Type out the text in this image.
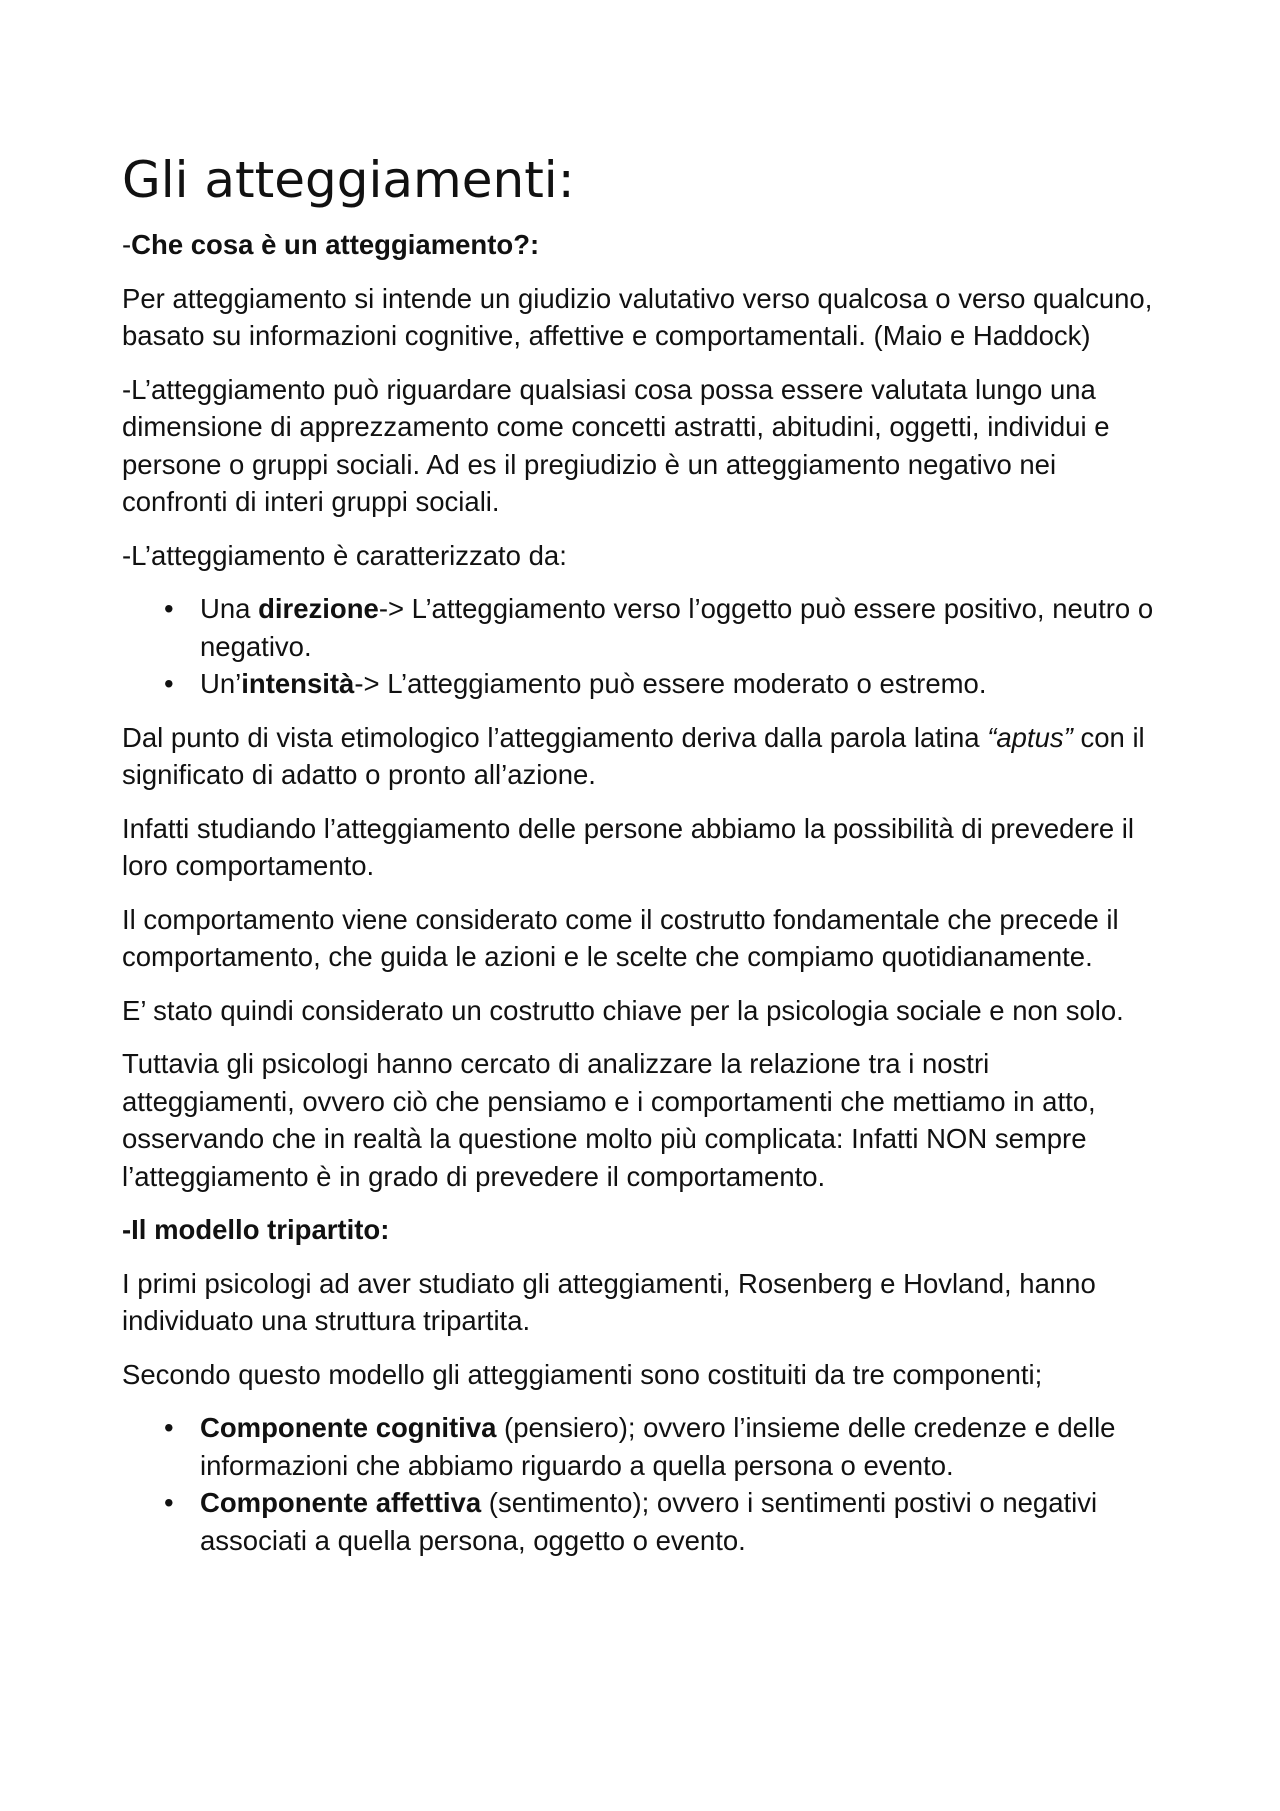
Gli atteggiamenti:

-Che cosa è un atteggiamento?:

Per atteggiamento si intende un giudizio valutativo verso qualcosa o verso qualcuno, basato su informazioni cognitive, affettive e comportamentali. (Maio e Haddock)

-L’atteggiamento può riguardare qualsiasi cosa possa essere valutata lungo una dimensione di apprezzamento come concetti astratti, abitudini, oggetti, individui e persone o gruppi sociali. Ad es il pregiudizio è un atteggiamento negativo nei confronti di interi gruppi sociali.

-L’atteggiamento è caratterizzato da:

• Una direzione-> L’atteggiamento verso l’oggetto può essere positivo, neutro o negativo.
• Un’intensità-> L’atteggiamento può essere moderato o estremo.

Dal punto di vista etimologico l’atteggiamento deriva dalla parola latina “aptus” con il significato di adatto o pronto all’azione.

Infatti studiando l’atteggiamento delle persone abbiamo la possibilità di prevedere il loro comportamento.

Il comportamento viene considerato come il costrutto fondamentale che precede il comportamento, che guida le azioni e le scelte che compiamo quotidianamente.

E’ stato quindi considerato un costrutto chiave per la psicologia sociale e non solo.

Tuttavia gli psicologi hanno cercato di analizzare la relazione tra i nostri atteggiamenti, ovvero ciò che pensiamo e i comportamenti che mettiamo in atto, osservando che in realtà la questione molto più complicata: Infatti NON sempre l’atteggiamento è in grado di prevedere il comportamento.

-Il modello tripartito:

I primi psicologi ad aver studiato gli atteggiamenti, Rosenberg e Hovland, hanno individuato una struttura tripartita.

Secondo questo modello gli atteggiamenti sono costituiti da tre componenti;

• Componente cognitiva (pensiero); ovvero l’insieme delle credenze e delle informazioni che abbiamo riguardo a quella persona o evento.
• Componente affettiva (sentimento); ovvero i sentimenti postivi o negativi associati a quella persona, oggetto o evento.
